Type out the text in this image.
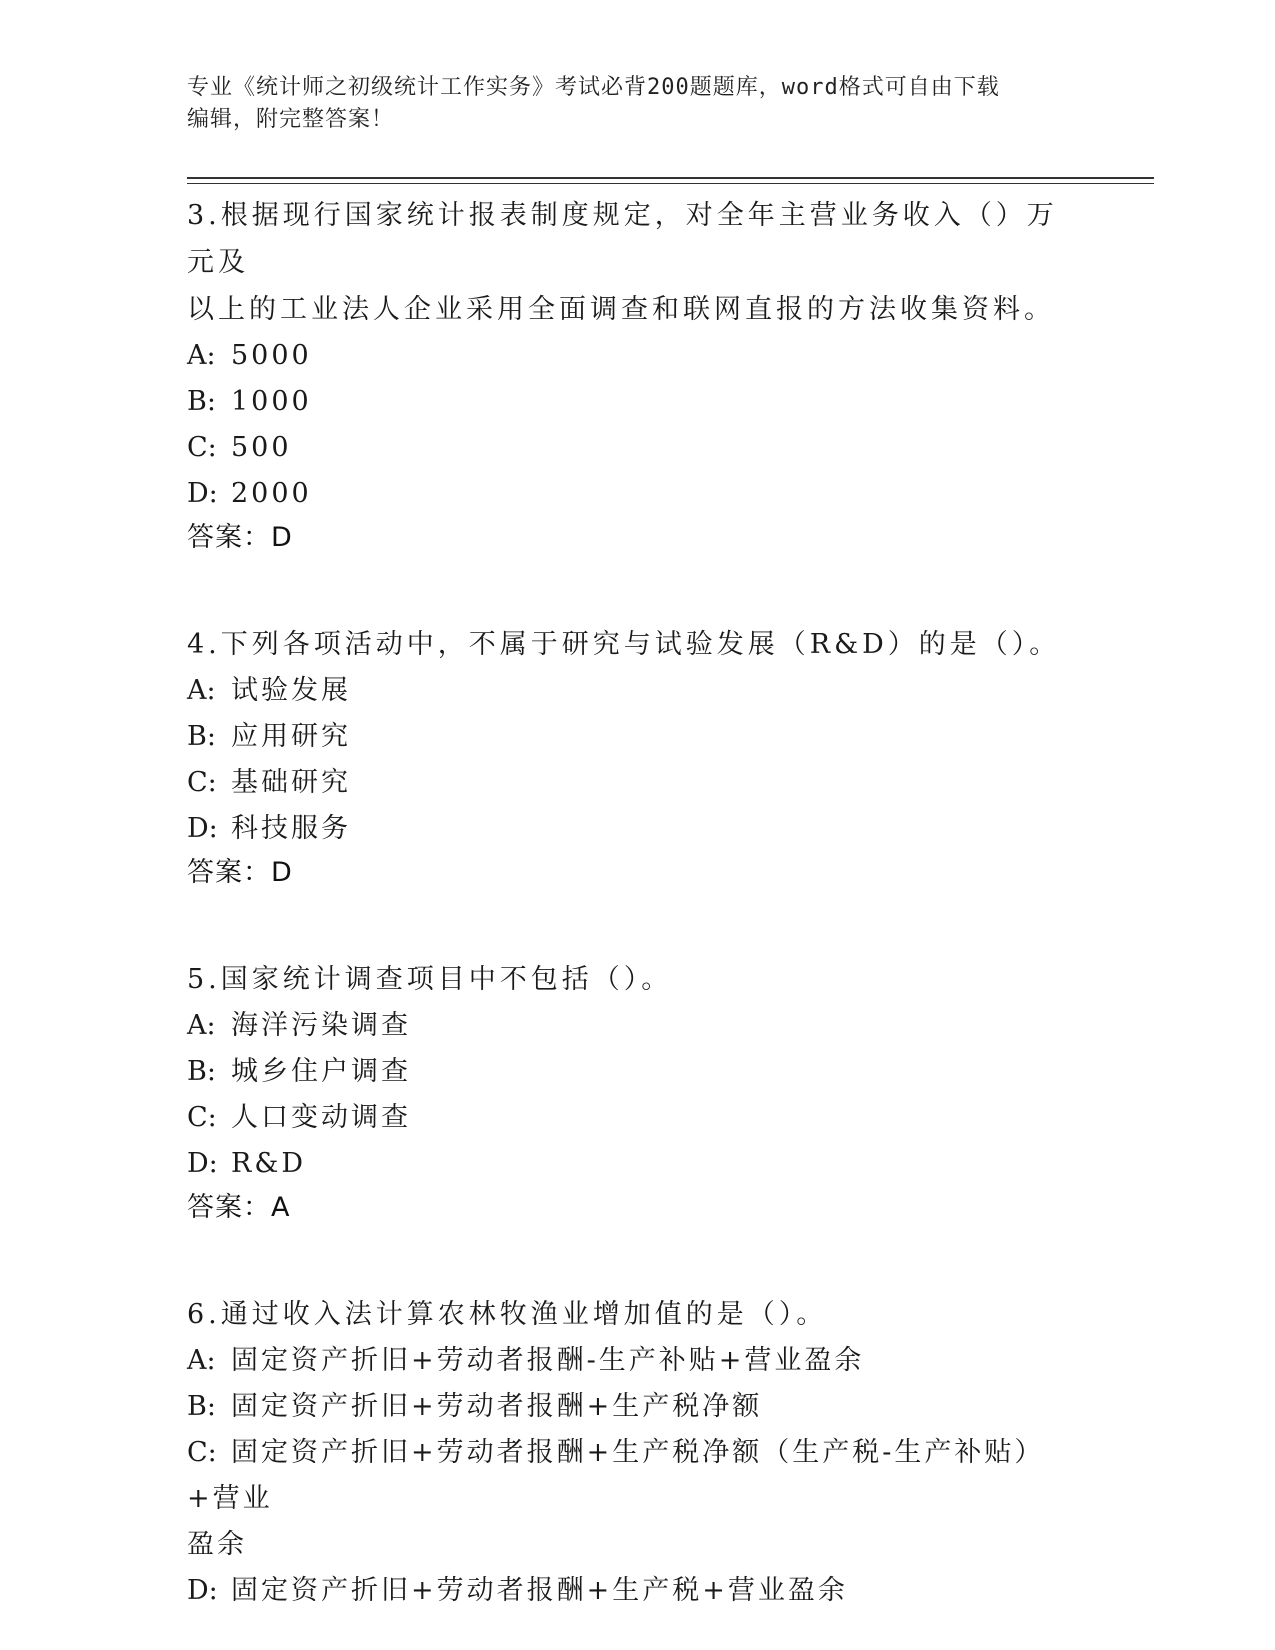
专业《统计师之初级统计工作实务》考试必背200题题库，word格式可自由下载
编辑，附完整答案！

3.根据现行国家统计报表制度规定，对全年主营业务收入（）万元及
以上的工业法人企业采用全面调查和联网直报的方法收集资料。

A: 5000

B: 1000

C: 500

D: 2000

答案：D

4.下列各项活动中，不属于研究与试验发展（R&D）的是（）。

A: 试验发展

B: 应用研究

C: 基础研究

D: 科技服务

答案：D

5.国家统计调查项目中不包括（）。

A: 海洋污染调查

B: 城乡住户调查

C: 人口变动调查

D: R&D

答案：A

6.通过收入法计算农林牧渔业增加值的是（）。

A: 固定资产折旧+劳动者报酬-生产补贴+营业盈余

B: 固定资产折旧+劳动者报酬+生产税净额

C: 固定资产折旧+劳动者报酬+生产税净额（生产税-生产补贴）+营业
盈余

D: 固定资产折旧+劳动者报酬+生产税+营业盈余
